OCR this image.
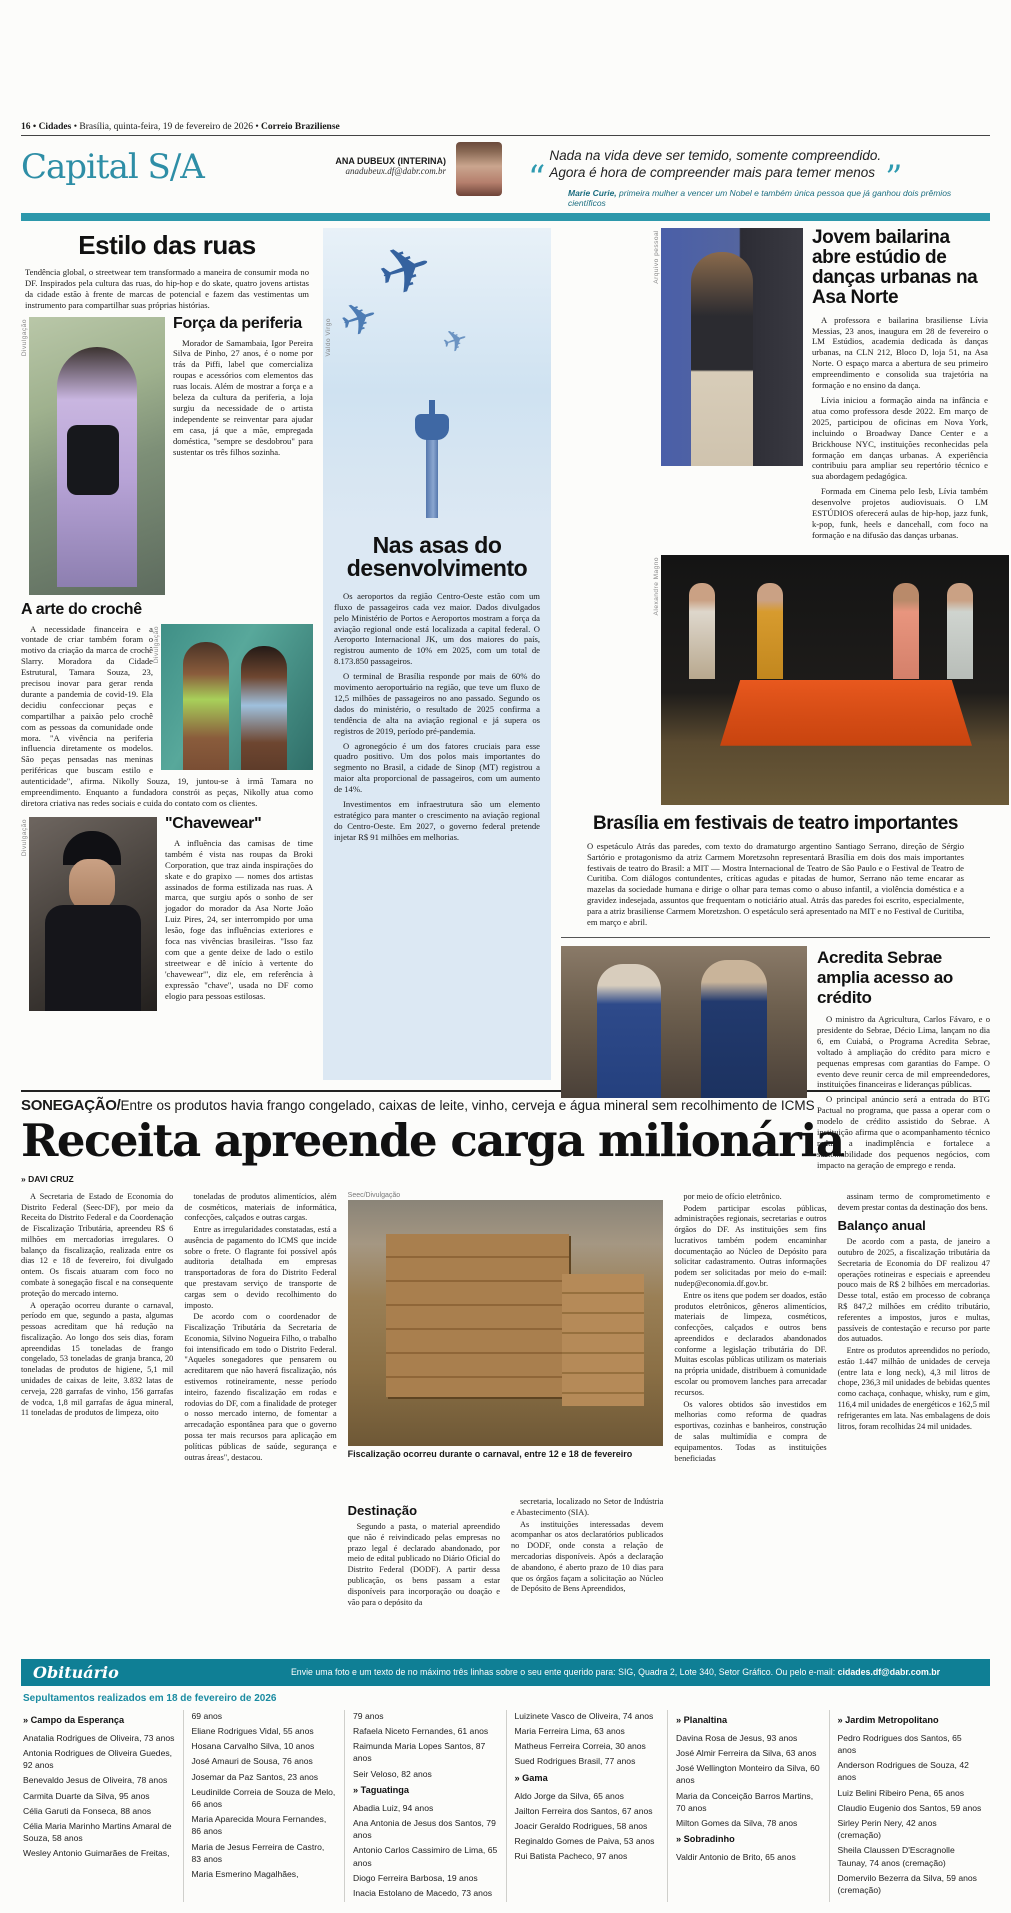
16 • Cidades • Brasília, quinta-feira, 19 de fevereiro de 2026 • Correio Braziliense
Capital S/A	ANA DUBEUX (INTERINA)
anadubeux.df@dabr.com.br	“ Nada na vida deve ser temido, somente compreendido.
Agora é hora de compreender mais para temer menos ”
Marie Curie, primeira mulher a vencer um Nobel e também única pessoa que já ganhou dois prêmios científicos
Estilo das ruas

Tendência global, o streetwear tem transformado a maneira de consumir moda no DF. Inspirados pela cultura das ruas, do hip-hop e do skate, quatro jovens artistas da cidade estão à frente de marcas de potencial e fazem das vestimentas um instrumento para compartilhar suas próprias histórias.

Divulgação	Força da periferia

Morador de Samambaia, Igor Pereira Silva de Pinho, 27 anos, é o nome por trás da Piffi, label que comercializa roupas e acessórios com elementos das ruas locais. Além de mostrar a força e a beleza da cultura da periferia, a loja surgiu da necessidade de o artista independente se reinventar para ajudar em casa, já que a mãe, empregada doméstica, "sempre se desdobrou" para sustentar os três filhos sozinha.

A arte do crochê
Divulgação

A necessidade financeira e a vontade de criar também foram o motivo da criação da marca de crochê Slarry. Moradora da Cidade Estrutural, Tamara Souza, 23, precisou inovar para gerar renda durante a pandemia de covid-19. Ela decidiu confeccionar peças e compartilhar a paixão pelo crochê com as pessoas da comunidade onde mora. "A vivência na periferia influencia diretamente os modelos. São peças pensadas nas meninas periféricas que buscam estilo e autenticidade", afirma. Nikolly Souza, 19, juntou-se à irmã Tamara no empreendimento. Enquanto a fundadora constrói as peças, Nikolly atua como diretora criativa nas redes sociais e cuida do contato com os clientes.

Divulgação	"Chavewear"

A influência das camisas de time também é vista nas roupas da Broki Corporation, que traz ainda inspirações do skate e do grapixo — nomes dos artistas assinados de forma estilizada nas ruas. A marca, que surgiu após o sonho de ser jogador do morador da Asa Norte João Luiz Pires, 24, ser interrompido por uma lesão, foge das influências exteriores e foca nas vivências brasileiras. "Isso faz com que a gente deixe de lado o estilo streetwear e dê início à vertente do 'chavewear'", diz ele, em referência à expressão "chave", usada no DF como elogio para pessoas estilosas.

Valdo Virgo
✈
✈ ✈
Nas asas do
desenvolvimento

Os aeroportos da região Centro-Oeste estão com um fluxo de passageiros cada vez maior. Dados divulgados pelo Ministério de Portos e Aeroportos mostram a força da aviação regional onde está localizada a capital federal. O Aeroporto Internacional JK, um dos maiores do país, registrou aumento de 10% em 2025, com um total de 8.173.850 passageiros.

O terminal de Brasília responde por mais de 60% do movimento aeroportuário na região, que teve um fluxo de 12,5 milhões de passageiros no ano passado. Segundo os dados do ministério, o resultado de 2025 confirma a tendência de alta na aviação regional e já supera os registros de 2019, período pré-pandemia.

O agronegócio é um dos fatores cruciais para esse quadro positivo. Um dos polos mais importantes do segmento no Brasil, a cidade de Sinop (MT) registrou a maior alta proporcional de passageiros, com um aumento de 14%.

Investimentos em infraestrutura são um elemento estratégico para manter o crescimento na aviação regional do Centro-Oeste. Em 2027, o governo federal pretende injetar R$ 91 milhões em melhorias.

Arquivo pessoal	Jovem bailarina abre estúdio de danças urbanas na Asa Norte

A professora e bailarina brasiliense Lívia Messias, 23 anos, inaugura em 28 de fevereiro o LM Estúdios, academia dedicada às danças urbanas, na CLN 212, Bloco D, loja 51, na Asa Norte. O espaço marca a abertura de seu primeiro empreendimento e consolida sua trajetória na formação e no ensino da dança.

Lívia iniciou a formação ainda na infância e atua como professora desde 2022. Em março de 2025, participou de oficinas em Nova York, incluindo o Broadway Dance Center e a Brickhouse NYC, instituições reconhecidas pela formação em danças urbanas. A experiência contribuiu para ampliar seu repertório técnico e sua abordagem pedagógica.

Formada em Cinema pelo Iesb, Lívia também desenvolve projetos audiovisuais. O LM ESTÚDIOS oferecerá aulas de hip-hop, jazz funk, k-pop, funk, heels e dancehall, com foco na formação e na difusão das danças urbanas.

Alexandre Magno
Brasília em festivais de teatro importantes

O espetáculo Atrás das paredes, com texto do dramaturgo argentino Santiago Serrano, direção de Sérgio Sartório e protagonismo da atriz Carmem Moretzsohn representará Brasília em dois dos mais importantes festivais de teatro do Brasil: a MIT — Mostra Internacional de Teatro de São Paulo e o Festival de Teatro de Curitiba. Com diálogos contundentes, críticas agudas e pitadas de humor, Serrano não teme encarar as mazelas da sociedade humana e dirige o olhar para temas como o abuso infantil, a violência doméstica e a gravidez indesejada, assuntos que frequentam o noticiário atual. Atrás das paredes foi escrito, especialmente, para a atriz brasiliense Carmem Moretzshon. O espetáculo será apresentado na MIT e no Festival de Curitiba, em março e abril.

Acredita Sebrae amplia acesso ao crédito

O ministro da Agricultura, Carlos Fávaro, e o presidente do Sebrae, Décio Lima, lançam no dia 6, em Cuiabá, o Programa Acredita Sebrae, voltado à ampliação do crédito para micro e pequenas empresas com garantias do Fampe. O evento deve reunir cerca de mil empreendedores, instituições financeiras e lideranças públicas.

O principal anúncio será a entrada do BTG Pactual no programa, que passa a operar com o modelo de crédito assistido do Sebrae. A instituição afirma que o acompanhamento técnico reduz a inadimplência e fortalece a sustentabilidade dos pequenos negócios, com impacto na geração de emprego e renda.

SONEGAÇÃO/Entre os produtos havia frango congelado, caixas de leite, vinho, cerveja e água mineral sem recolhimento de ICMS
Receita apreende carga milionária
» DAVI CRUZ

A Secretaria de Estado de Economia do Distrito Federal (Seec-DF), por meio da Receita do Distrito Federal e da Coordenação de Fiscalização Tributária, apreendeu R$ 6 milhões em mercadorias irregulares. O balanço da fiscalização, realizada entre os dias 12 e 18 de fevereiro, foi divulgado ontem. Os fiscais atuaram com foco no combate à sonegação fiscal e na consequente proteção do mercado interno.

A operação ocorreu durante o carnaval, período em que, segundo a pasta, algumas pessoas acreditam que há redução na fiscalização. Ao longo dos seis dias, foram apreendidas 15 toneladas de frango congelado, 53 toneladas de granja branca, 20 toneladas de produtos de higiene, 5,1 mil unidades de caixas de leite, 3.832 latas de cerveja, 228 garrafas de vinho, 156 garrafas de vodca, 1,8 mil garrafas de água mineral, 11 toneladas de produtos de limpeza, oito

toneladas de produtos alimentícios, além de cosméticos, materiais de informática, confecções, calçados e outras cargas.

Entre as irregularidades constatadas, está a ausência de pagamento do ICMS que incide sobre o frete. O flagrante foi possível após auditoria detalhada em empresas transportadoras de fora do Distrito Federal que prestavam serviço de transporte de cargas sem o devido recolhimento do imposto.

De acordo com o coordenador de Fiscalização Tributária da Secretaria de Economia, Silvino Nogueira Filho, o trabalho foi intensificado em todo o Distrito Federal. "Aqueles sonegadores que pensarem ou acreditarem que não haverá fiscalização, nós estivemos rotineiramente, nesse período inteiro, fazendo fiscalização em rodas e rodovias do DF, com a finalidade de proteger o nosso mercado interno, de fomentar a arrecadação espontânea para que o governo possa ter mais recursos para aplicação em políticas públicas de saúde, segurança e outras áreas", destacou.

Seec/Divulgação
Fiscalização ocorreu durante o carnaval, entre 12 e 18 de fevereiro
Destinação

Segundo a pasta, o material apreendido que não é reivindicado pelas empresas no prazo legal é declarado abandonado, por meio de edital publicado no Diário Oficial do Distrito Federal (DODF). A partir dessa publicação, os bens passam a estar disponíveis para incorporação ou doação e vão para o depósito da

secretaria, localizado no Setor de Indústria e Abastecimento (SIA).

As instituições interessadas devem acompanhar os atos declaratórios publicados no DODF, onde consta a relação de mercadorias disponíveis. Após a declaração de abandono, é aberto prazo de 10 dias para que os órgãos façam a solicitação ao Núcleo de Depósito de Bens Apreendidos,

por meio de ofício eletrônico.

Podem participar escolas públicas, administrações regionais, secretarias e outros órgãos do DF. As instituições sem fins lucrativos também podem encaminhar documentação ao Núcleo de Depósito para solicitar cadastramento. Outras informações podem ser solicitadas por meio do e-mail: nudep@economia.df.gov.br.

Entre os itens que podem ser doados, estão produtos eletrônicos, gêneros alimentícios, materiais de limpeza, cosméticos, confecções, calçados e outros bens apreendidos e declarados abandonados conforme a legislação tributária do DF. Muitas escolas públicas utilizam os materiais na própria unidade, distribuem à comunidade escolar ou promovem lanches para arrecadar recursos.

Os valores obtidos são investidos em melhorias como reforma de quadras esportivas, cozinhas e banheiros, construção de salas multimídia e compra de equipamentos. Todas as instituições beneficiadas

assinam termo de comprometimento e devem prestar contas da destinação dos bens.

Balanço anual

De acordo com a pasta, de janeiro a outubro de 2025, a fiscalização tributária da Secretaria de Economia do DF realizou 47 operações rotineiras e especiais e apreendeu pouco mais de R$ 2 bilhões em mercadorias. Desse total, estão em processo de cobrança R$ 847,2 milhões em crédito tributário, referentes a impostos, juros e multas, passíveis de contestação e recurso por parte dos autuados.

Entre os produtos apreendidos no período, estão 1.447 milhão de unidades de cerveja (entre lata e long neck), 4,3 mil litros de chope, 236,3 mil unidades de bebidas quentes como cachaça, conhaque, whisky, rum e gim, 116,4 mil unidades de energéticos e 162,5 mil refrigerantes em lata. Nas embalagens de dois litros, foram recolhidas 24 mil unidades.

Obituário	Envie uma foto e um texto de no máximo três linhas sobre o seu ente querido para: SIG, Quadra 2, Lote 340, Setor Gráfico. Ou pelo e-mail: cidades.df@dabr.com.br
Sepultamentos realizados em 18 de fevereiro de 2026
» Campo da Esperança
Anatalia Rodrigues de Oliveira, 73 anos
Antonia Rodrigues de Oliveira Guedes, 92 anos
Benevaldo Jesus de Oliveira, 78 anos
Carmita Duarte da Silva, 95 anos
Célia Garuti da Fonseca, 88 anos
Célia Maria Marinho Martins Amaral de Souza, 58 anos
Wesley Antonio Guimarães de Freitas,
69 anos
Eliane Rodrigues Vidal, 55 anos
Hosana Carvalho Silva, 10 anos
José Amauri de Sousa, 76 anos
Josemar da Paz Santos, 23 anos
Leudinilde Correia de Souza de Melo, 66 anos
Maria Aparecida Moura Fernandes, 86 anos
Maria de Jesus Ferreira de Castro, 83 anos
Maria Esmerino Magalhães,
79 anos
Rafaela Niceto Fernandes, 61 anos
Raimunda Maria Lopes Santos, 87 anos
Seir Veloso, 82 anos
» Taguatinga
Abadia Luiz, 94 anos
Ana Antonia de Jesus dos Santos, 79 anos
Antonio Carlos Cassimiro de Lima, 65 anos
Diogo Ferreira Barbosa, 19 anos
Inacia Estolano de Macedo, 73 anos
Luizinete Vasco de Oliveira, 74 anos
Maria Ferreira Lima, 63 anos
Matheus Ferreira Correia, 30 anos
Sued Rodrigues Brasil, 77 anos
» Gama
Aldo Jorge da Silva, 65 anos
Jailton Ferreira dos Santos, 67 anos
Joacir Geraldo Rodrigues, 58 anos
Reginaldo Gomes de Paiva, 53 anos
Rui Batista Pacheco, 97 anos
» Planaltina
Davina Rosa de Jesus, 93 anos
José Almir Ferreira da Silva, 63 anos
José Wellington Monteiro da Silva, 60 anos
Maria da Conceição Barros Martins, 70 anos
Milton Gomes da Silva, 78 anos
» Sobradinho
Valdir Antonio de Brito, 65 anos
» Jardim Metropolitano
Pedro Rodrigues dos Santos, 65 anos
Anderson Rodrigues de Souza, 42 anos
Luiz Belini Ribeiro Pena, 65 anos
Claudio Eugenio dos Santos, 59 anos
Sirley Perin Nery, 42 anos (cremação)
Sheila Claussen D'Escragnolle Taunay, 74 anos (cremação)
Domervilo Bezerra da Silva, 59 anos (cremação)
